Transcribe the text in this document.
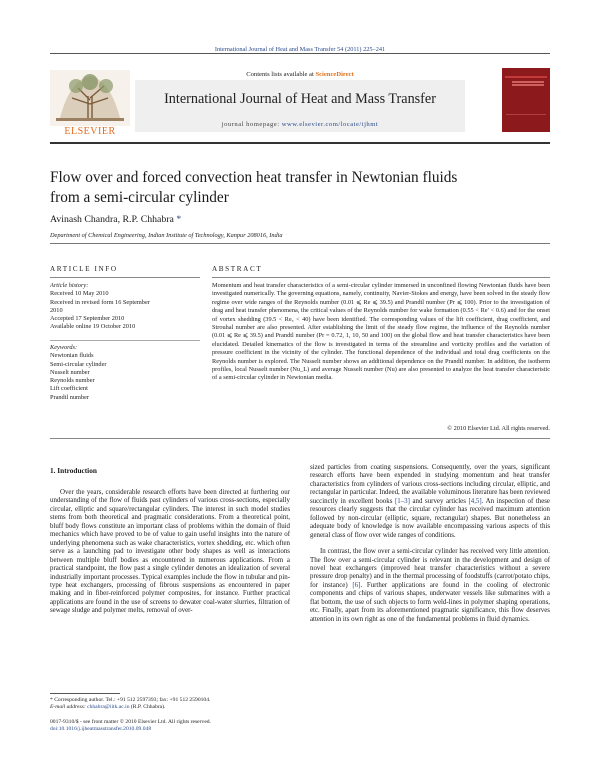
International Journal of Heat and Mass Transfer 54 (2011) 225–241
ELSEVIER
Contents lists available at ScienceDirect
International Journal of Heat and Mass Transfer
journal homepage: www.elsevier.com/locate/ijhmt
Flow over and forced convection heat transfer in Newtonian fluids
from a semi-circular cylinder
Avinash Chandra, R.P. Chhabra *
Department of Chemical Engineering, Indian Institute of Technology, Kanpur 208016, India
ARTICLE INFO	ABSTRACT
Article history:
Received 10 May 2010
Received in revised form 16 September
2010
Accepted 17 September 2010
Available online 19 October 2010
Keywords:
Newtonian fluids
Semi-circular cylinder
Nusselt number
Reynolds number
Lift coefficient
Prandtl number
Momentum and heat transfer characteristics of a semi-circular cylinder immersed in unconfined flowing Newtonian fluids have been investigated numerically. The governing equations, namely, continuity, Navier-Stokes and energy, have been solved in the steady flow regime over wide ranges of the Reynolds number (0.01 ⩽ Re ⩽ 39.5) and Prandtl number (Pr ⩽ 100). Prior to the investigation of drag and heat transfer phenomena, the critical values of the Reynolds number for wake formation (0.55 < Re′ < 0.6) and for the onset of vortex shedding (39.5 < Re꜀ < 40) have been identified. The corresponding values of the lift coefficient, drag coefficient, and Strouhal number are also presented. After establishing the limit of the steady flow regime, the influence of the Reynolds number (0.01 ⩽ Re ⩽ 39.5) and Prandtl number (Pr = 0.72, 1, 10, 50 and 100) on the global flow and heat transfer characteristics have been elucidated. Detailed kinematics of the flow is investigated in terms of the streamline and vorticity profiles and the variation of pressure coefficient in the vicinity of the cylinder. The functional dependence of the individual and total drag coefficients on the Reynolds number is explored. The Nusselt number shows an additional dependence on the Prandtl number. In addition, the isotherm profiles, local Nusselt number (Nu_L) and average Nusselt number (Nu) are also presented to analyze the heat transfer characteristic of a semi-circular cylinder in Newtonian media.
© 2010 Elsevier Ltd. All rights reserved.
1. Introduction
Over the years, considerable research efforts have been directed at furthering our understanding of the flow of fluids past cylinders of various cross-sections, especially circular, elliptic and square/rectangular cylinders. The interest in such model studies stems from both theoretical and pragmatic considerations. From a theoretical point, bluff body flows constitute an important class of problems within the domain of fluid mechanics which have proved to be of value to gain useful insights into the nature of underlying phenomena such as wake characteristics, vortex shedding, etc. which often serve as a launching pad to investigate other body shapes as well as interactions between multiple bluff bodies as encountered in numerous applications. From a practical standpoint, the flow past a single cylinder denotes an idealization of several industrially important processes. Typical examples include the flow in tubular and pin-type heat exchangers, processing of fibrous suspensions as encountered in paper making and in fiber-reinforced polymer composites, for instance. Further practical applications are found in the use of screens to dewater coal-water slurries, filtration of sewage sludge and polymer melts, removal of over-

sized particles from coating suspensions. Consequently, over the years, significant research efforts have been expended in studying momentum and heat transfer characteristics from cylinders of various cross-sections including circular, elliptic, and rectangular in particular. Indeed, the available voluminous literature has been reviewed succinctly in excellent books [1–3] and survey articles [4,5]. An inspection of these resources clearly suggests that the circular cylinder has received maximum attention followed by non-circular (elliptic, square, rectangular) shapes. But nonetheless an adequate body of knowledge is now available encompassing various aspects of this general class of flow over wide ranges of conditions.

In contrast, the flow over a semi-circular cylinder has received very little attention. The flow over a semi-circular cylinder is relevant in the development and design of novel heat exchangers (improved heat transfer characteristics without a severe pressure drop penalty) and in the thermal processing of foodstuffs (carrot/potato chips, for instance) [6]. Further applications are found in the cooling of electronic components and chips of various shapes, underwater vessels like submarines with a flat bottom, the use of such objects to form weld-lines in polymer shaping operations, etc. Finally, apart from its aforementioned pragmatic significance, this flow deserves attention in its own right as one of the fundamental problems in fluid dynamics.

* Corresponding author. Tel.: +91 512 2597393; fax: +91 512 2590104.
E-mail address: chhabra@iitk.ac.in (R.P. Chhabra).
0017-9310/$ - see front matter © 2010 Elsevier Ltd. All rights reserved.
doi:10.1016/j.ijheatmasstransfer.2010.09.048
